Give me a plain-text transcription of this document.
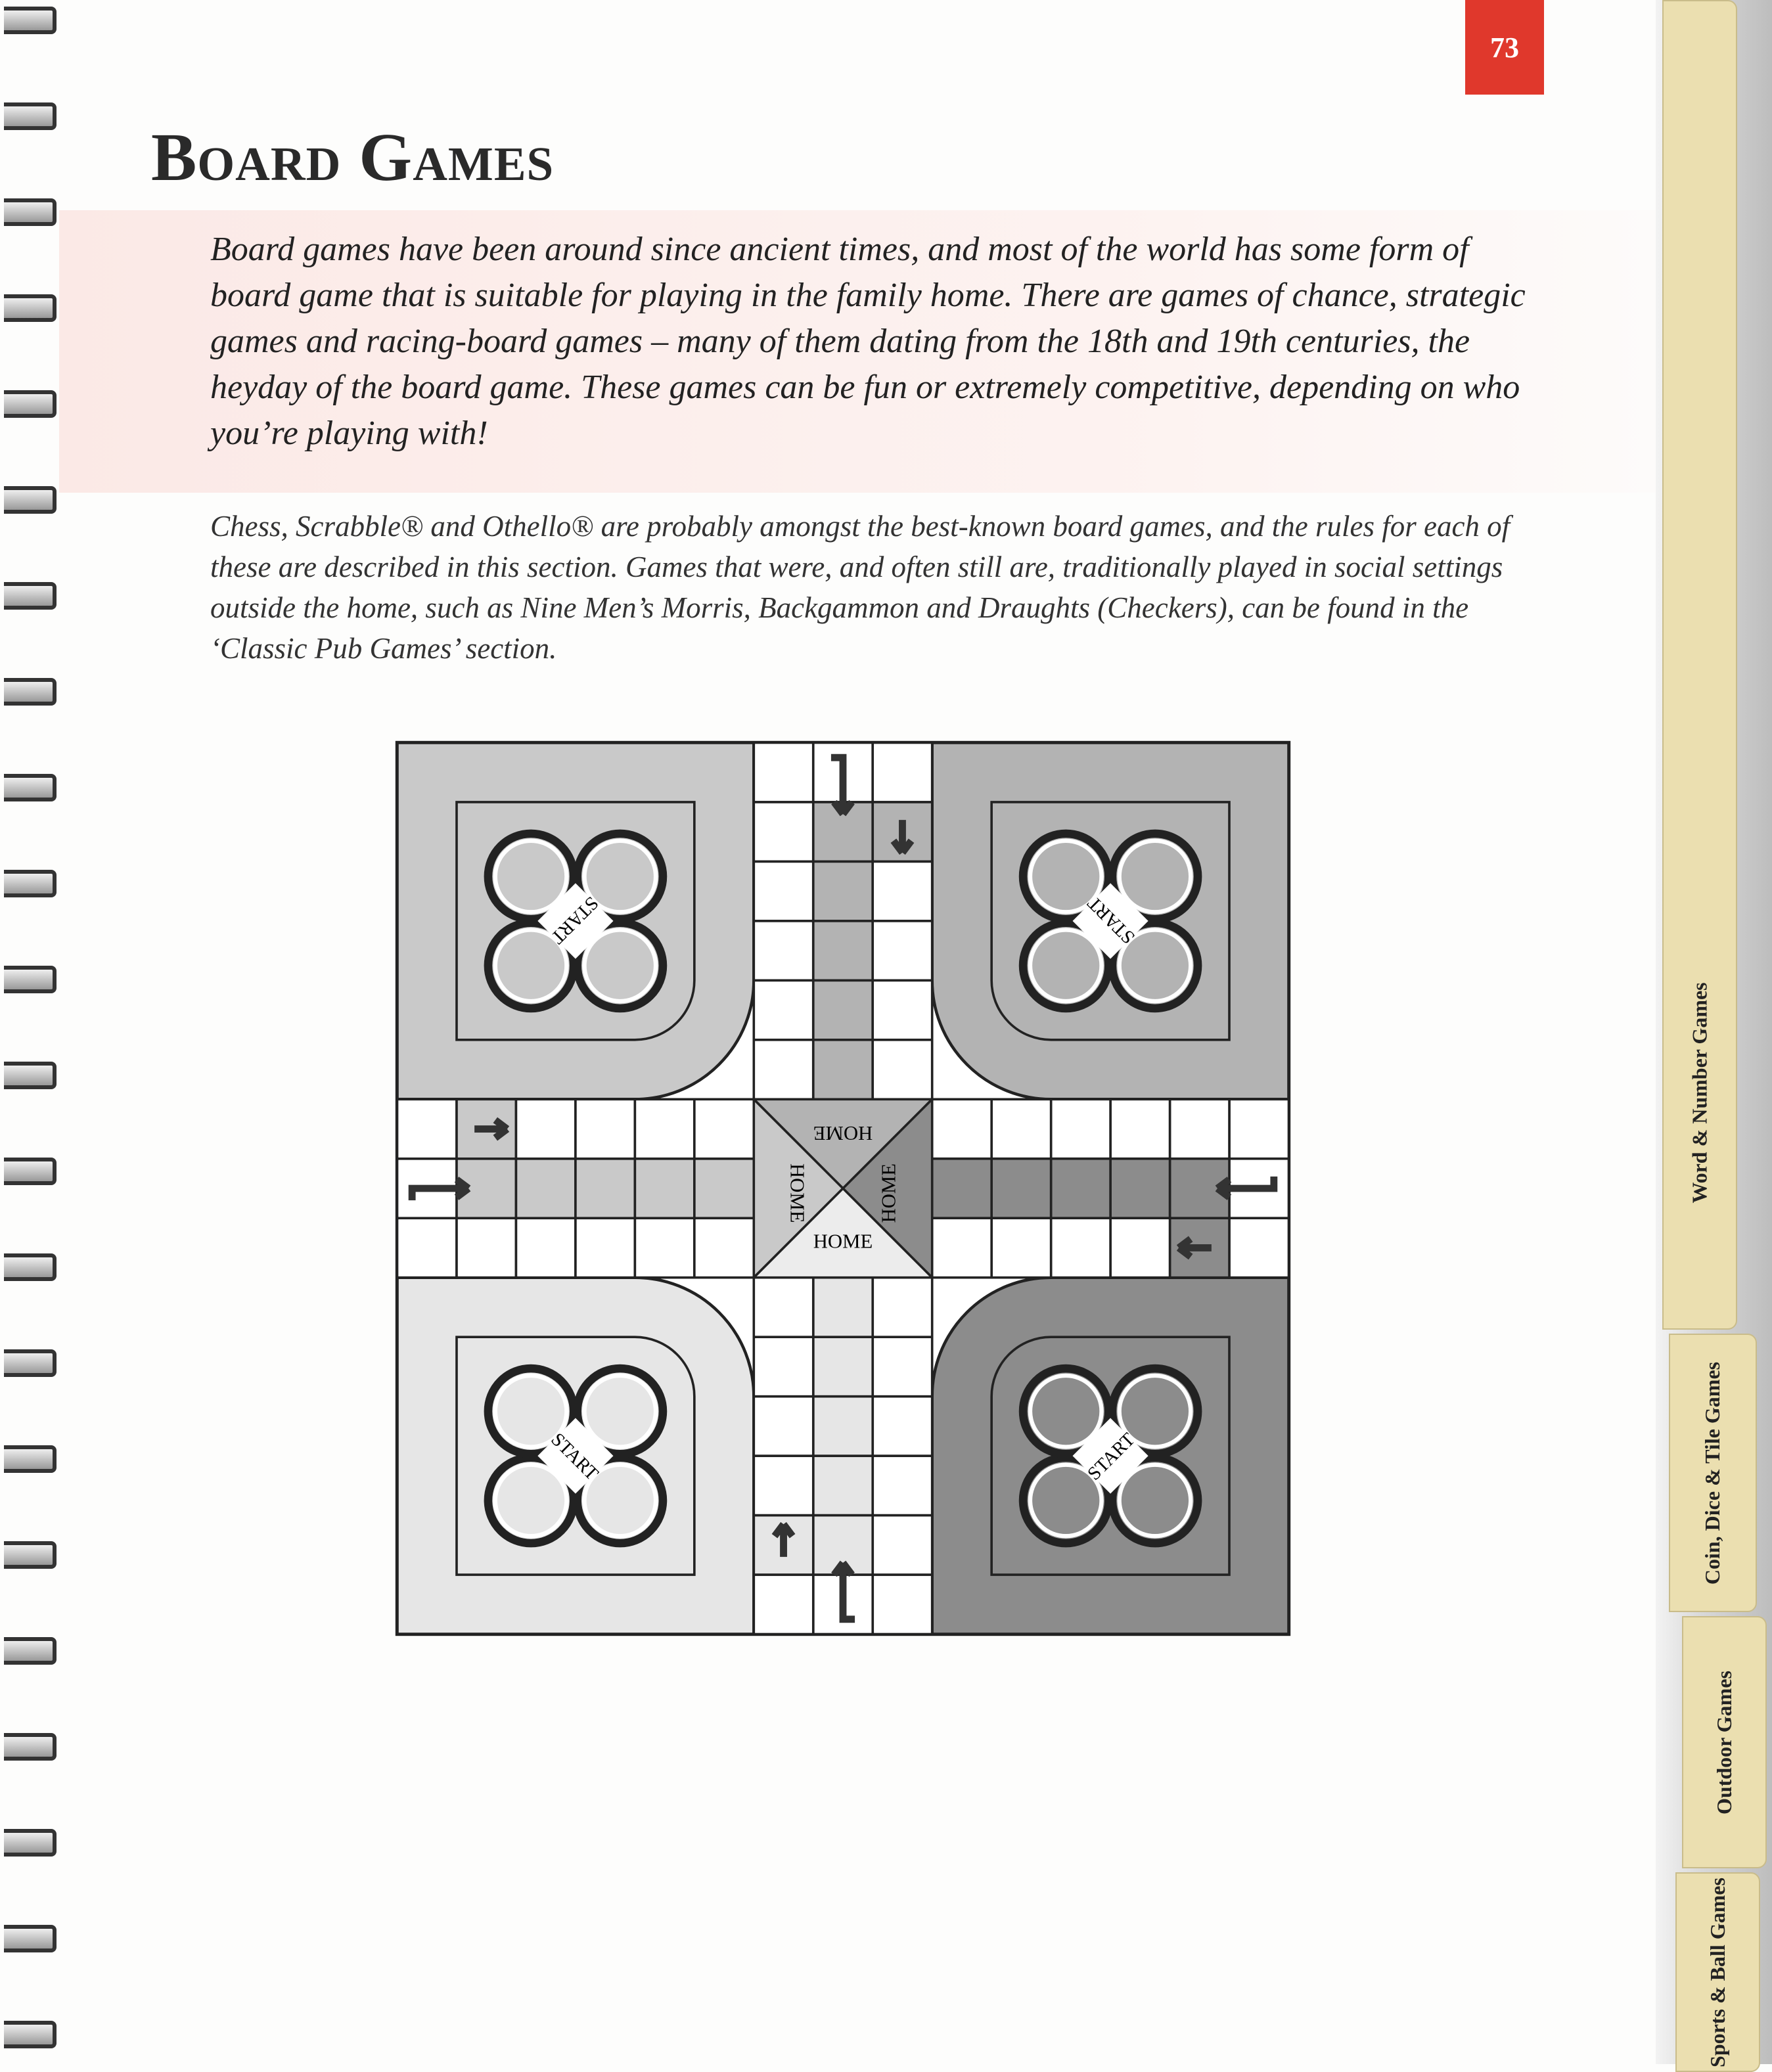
73
Board Games

Board games have been around since ancient times, and most of the world has some form of board game that is suitable for playing in the family home. There are games of chance, strategic games and racing-board games – many of them dating from the 18th and 19th centuries, the heyday of the board game. These games can be fun or extremely competitive, depending on who you’re playing with!

Chess, Scrabble® and Othello® are probably amongst the best-known board games, and the rules for each of these are described in this section. Games that were, and often still are, traditionally played in social settings outside the home, such as Nine Men’s Morris, Backgammon and Draughts (Checkers), can be found in the ‘Classic Pub Games’ section.

Word & Number Games
Coin, Dice & Tile Games
Outdoor Games
Sports & Ball Games
